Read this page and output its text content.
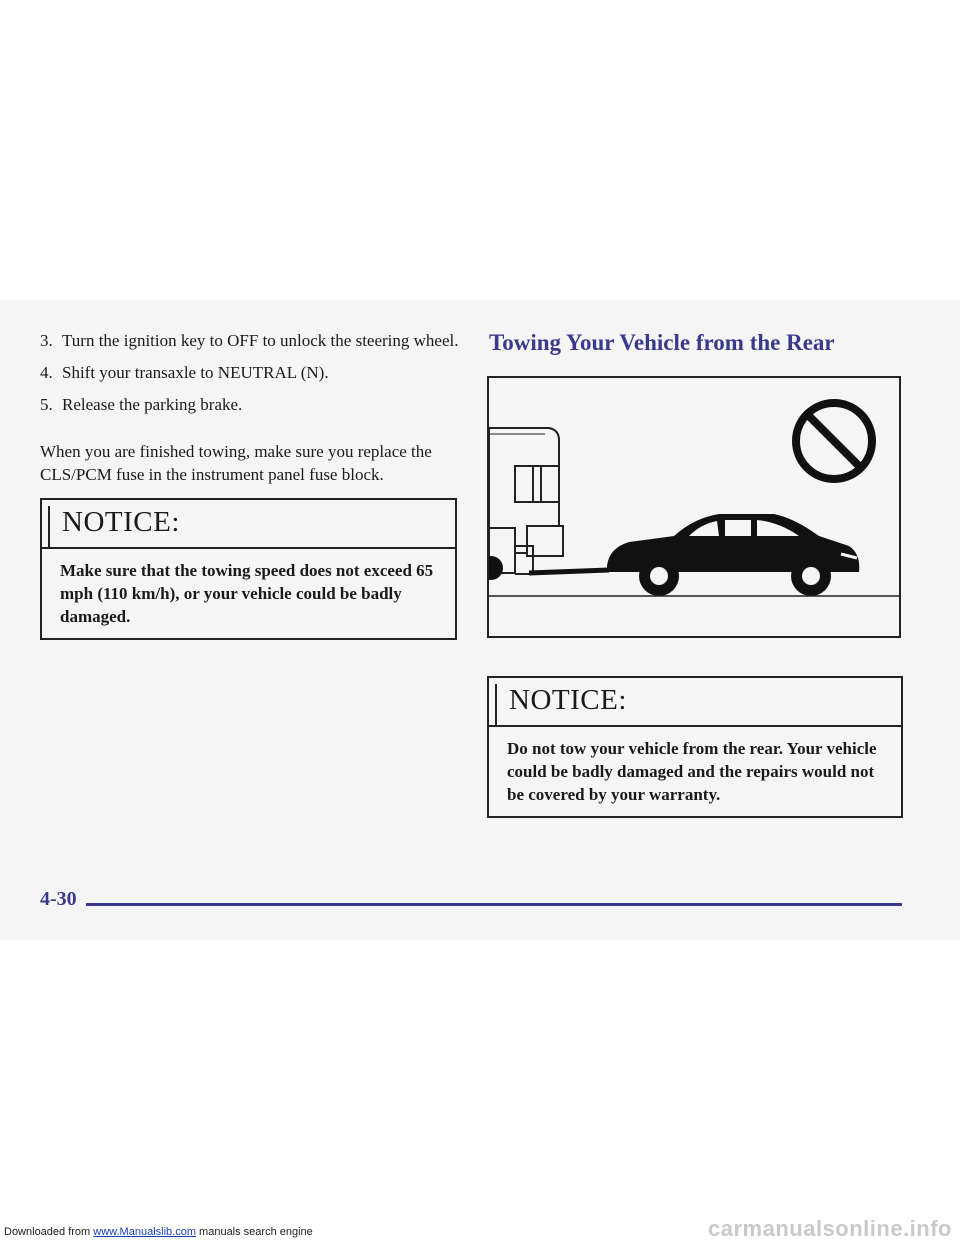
3. Turn the ignition key to OFF to unlock the steering wheel.
4. Shift your transaxle to NEUTRAL (N).
5. Release the parking brake.
When you are finished towing, make sure you replace the CLS/PCM fuse in the instrument panel fuse block.
NOTICE:
Make sure that the towing speed does not exceed 65 mph (110 km/h), or your vehicle could be badly damaged.
Towing Your Vehicle from the Rear
NOTICE:
Do not tow your vehicle from the rear. Your vehicle could be badly damaged and the repairs would not be covered by your warranty.
4-30
Downloaded from www.Manualslib.com manuals search engine	carmanualsonline.info
